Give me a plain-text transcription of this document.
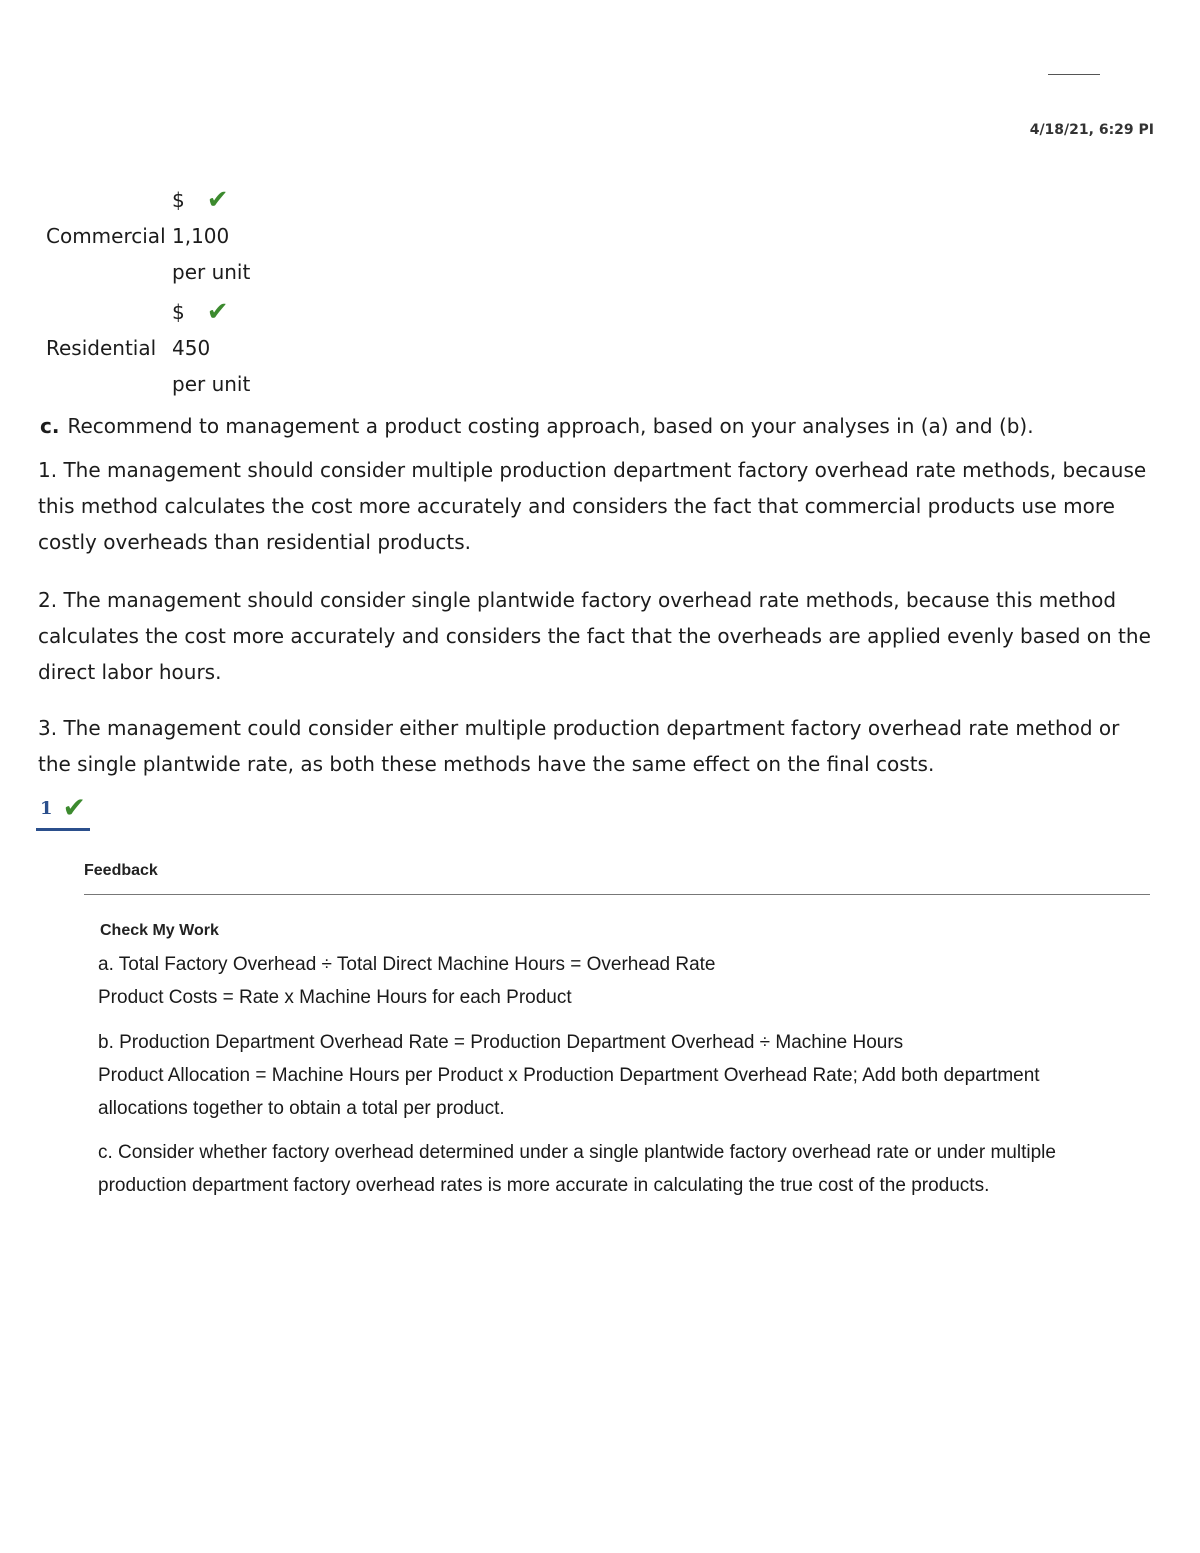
4/18/21, 6:29 PI
$ ✔
Commercial 1,100
per unit
$ ✔
Residential 450
per unit
c. Recommend to management a product costing approach, based on your analyses in (a) and (b).
1. The management should consider multiple production department factory overhead rate methods, because this method calculates the cost more accurately and considers the fact that commercial products use more costly overheads than residential products.
2. The management should consider single plantwide factory overhead rate methods, because this method calculates the cost more accurately and considers the fact that the overheads are applied evenly based on the direct labor hours.
3. The management could consider either multiple production department factory overhead rate method or the single plantwide rate, as both these methods have the same effect on the final costs.
1 ✔
Feedback
Check My Work
a. Total Factory Overhead ÷ Total Direct Machine Hours = Overhead Rate
Product Costs = Rate x Machine Hours for each Product
b. Production Department Overhead Rate = Production Department Overhead ÷ Machine Hours
Product Allocation = Machine Hours per Product x Production Department Overhead Rate; Add both department allocations together to obtain a total per product.
c. Consider whether factory overhead determined under a single plantwide factory overhead rate or under multiple production department factory overhead rates is more accurate in calculating the true cost of the products.
